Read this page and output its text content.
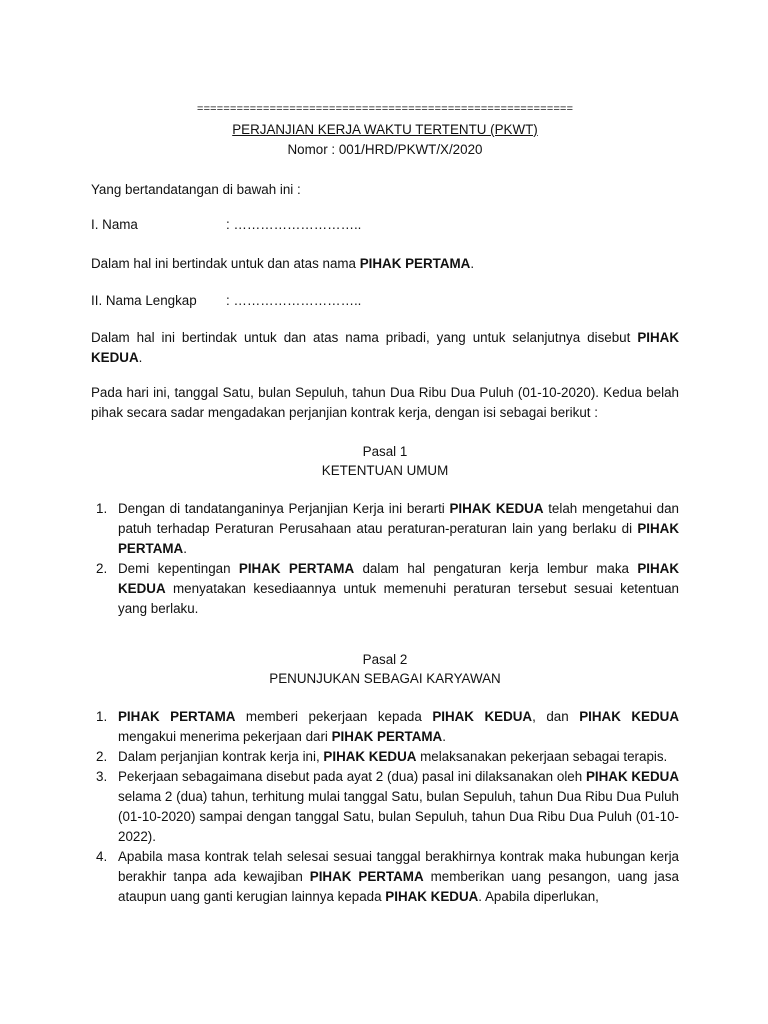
=========================================================
PERJANJIAN KERJA WAKTU TERTENTU (PKWT)
Nomor : 001/HRD/PKWT/X/2020
Yang bertandatangan di bawah ini :
I. Nama	: ………………………..
Dalam hal ini bertindak untuk dan atas nama PIHAK PERTAMA.
II. Nama Lengkap : ………………………..
Dalam hal ini bertindak untuk dan atas nama pribadi, yang untuk selanjutnya disebut PIHAK KEDUA.
Pada hari ini, tanggal Satu, bulan Sepuluh, tahun Dua Ribu Dua Puluh (01-10-2020). Kedua belah pihak secara sadar mengadakan perjanjian kontrak kerja, dengan isi sebagai berikut :
Pasal 1
KETENTUAN UMUM
1. Dengan di tandatanganinya Perjanjian Kerja ini berarti PIHAK KEDUA telah mengetahui dan patuh terhadap Peraturan Perusahaan atau peraturan-peraturan lain yang berlaku di PIHAK PERTAMA.
2. Demi kepentingan PIHAK PERTAMA dalam hal pengaturan kerja lembur maka PIHAK KEDUA menyatakan kesediaannya untuk memenuhi peraturan tersebut sesuai ketentuan yang berlaku.
Pasal 2
PENUNJUKAN SEBAGAI KARYAWAN
1. PIHAK PERTAMA memberi pekerjaan kepada PIHAK KEDUA, dan PIHAK KEDUA mengakui menerima pekerjaan dari PIHAK PERTAMA.
2. Dalam perjanjian kontrak kerja ini, PIHAK KEDUA melaksanakan pekerjaan sebagai terapis.
3. Pekerjaan sebagaimana disebut pada ayat 2 (dua) pasal ini dilaksanakan oleh PIHAK KEDUA selama 2 (dua) tahun, terhitung mulai tanggal Satu, bulan Sepuluh, tahun Dua Ribu Dua Puluh (01-10-2020) sampai dengan tanggal Satu, bulan Sepuluh, tahun Dua Ribu Dua Puluh (01-10-2022).
4. Apabila masa kontrak telah selesai sesuai tanggal berakhirnya kontrak maka hubungan kerja berakhir tanpa ada kewajiban PIHAK PERTAMA memberikan uang pesangon, uang jasa ataupun uang ganti kerugian lainnya kepada PIHAK KEDUA. Apabila diperlukan,
